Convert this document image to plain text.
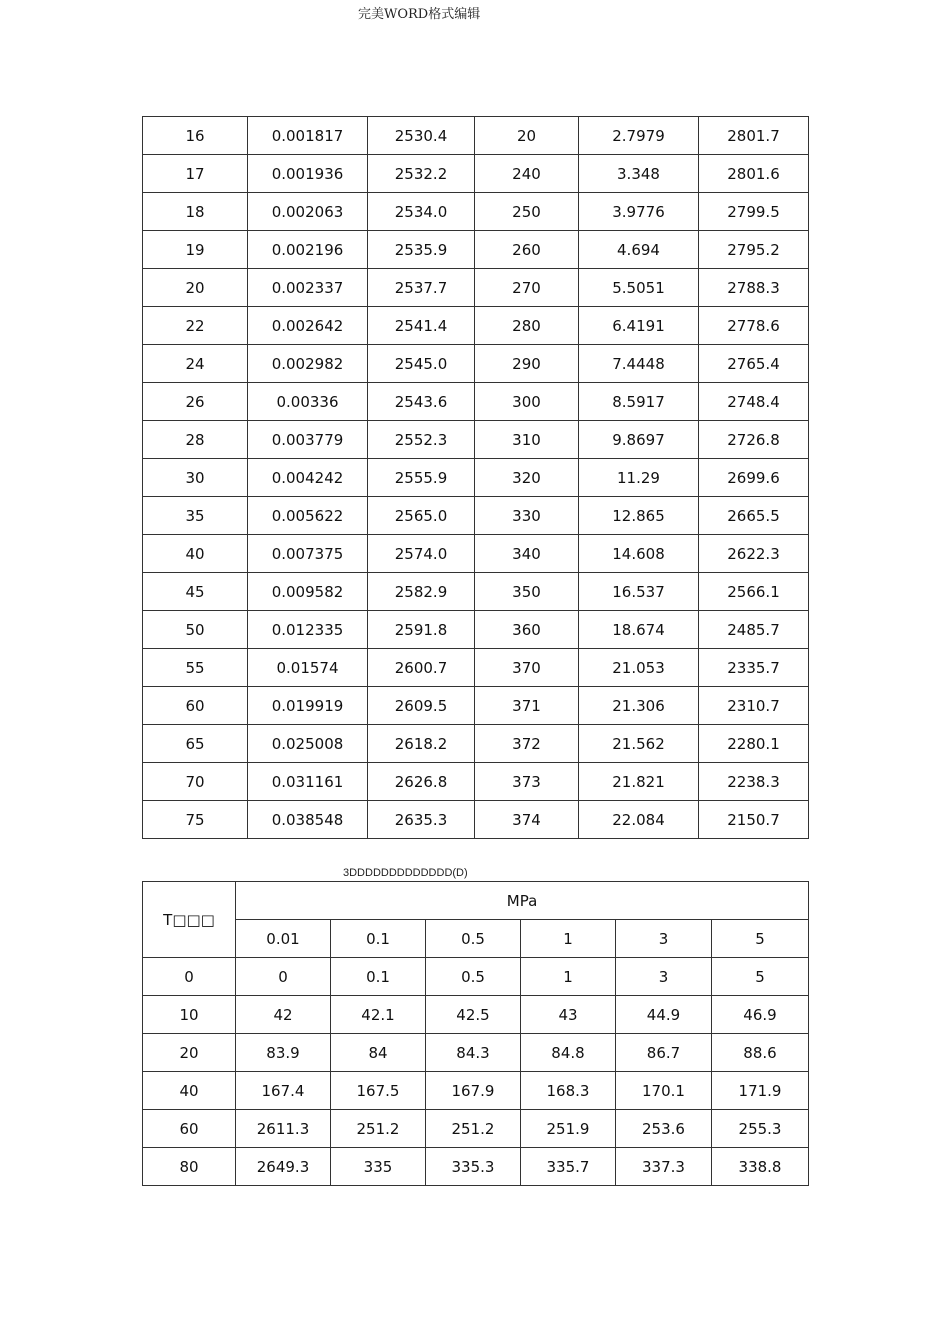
完美WORD格式编辑
16	0.001817	2530.4	20	2.7979	2801.7
17	0.001936	2532.2	240	3.348	2801.6
18	0.002063	2534.0	250	3.9776	2799.5
19	0.002196	2535.9	260	4.694	2795.2
20	0.002337	2537.7	270	5.5051	2788.3
22	0.002642	2541.4	280	6.4191	2778.6
24	0.002982	2545.0	290	7.4448	2765.4
26	0.00336	2543.6	300	8.5917	2748.4
28	0.003779	2552.3	310	9.8697	2726.8
30	0.004242	2555.9	320	11.29	2699.6
35	0.005622	2565.0	330	12.865	2665.5
40	0.007375	2574.0	340	14.608	2622.3
45	0.009582	2582.9	350	16.537	2566.1
50	0.012335	2591.8	360	18.674	2485.7
55	0.01574	2600.7	370	21.053	2335.7
60	0.019919	2609.5	371	21.306	2310.7
65	0.025008	2618.2	372	21.562	2280.1
70	0.031161	2626.8	373	21.821	2238.3
75	0.038548	2635.3	374	22.084	2150.7
3DDDDDDDDDDDDD(D)
T□□□	MPa					
	0.01	0.1	0.5	1	3	5
0	0	0.1	0.5	1	3	5
10	42	42.1	42.5	43	44.9	46.9
20	83.9	84	84.3	84.8	86.7	88.6
40	167.4	167.5	167.9	168.3	170.1	171.9
60	2611.3	251.2	251.2	251.9	253.6	255.3
80	2649.3	335	335.3	335.7	337.3	338.8
